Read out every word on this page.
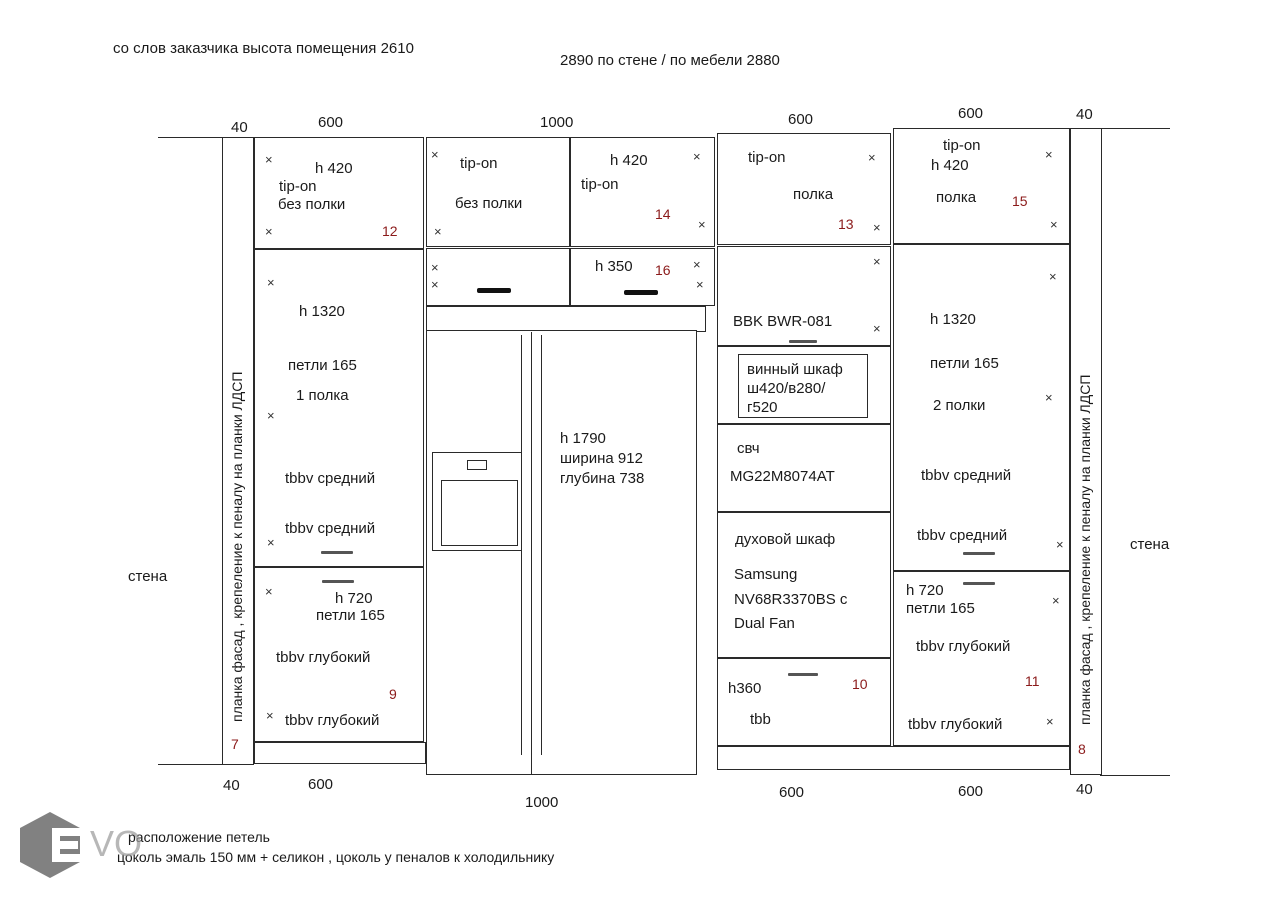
со слов заказчика высота помещения 2610
2890 по стене / по мебели 2880
40	600	1000	600	600	40
стена
стена
планка фасад , крепеление к пеналу на планки ЛДСП
7
планка фасад , крепеление к пеналу на планки ЛДСП
8
×
×
h 420
tip-on
без полки
12
×
×
tip-on
без полки
×
×
h 420
tip-on
14
×
×
tip-on
полка
13
×
×
tip-on
h 420
полка	15
×
×
×
×
h 350 16
h 1790
ширина 912
глубина 738
×
×
×
h 1320
петли 165
1 полка
tbbv средний
tbbv средний
×
×
h 720
петли 165
tbbv глубокий
9
tbbv глубокий
×
×
BBK BWR-081
винный шкаф
ш420/в280/
г520
свч
MG22M8074AT
духовой шкаф
Samsung
NV68R3370BS c
Dual Fan
h360	10
tbb
×
×
×
h 1320
петли 165
2 полки
tbbv средний
tbbv средний
×
×
h 720
петли 165
tbbv глубокий
11
tbbv глубокий
40	600
1000
600	600	40
расположение петель
цоколь эмаль 150 мм + селикон , цоколь у пеналов к холодильнику
VO
